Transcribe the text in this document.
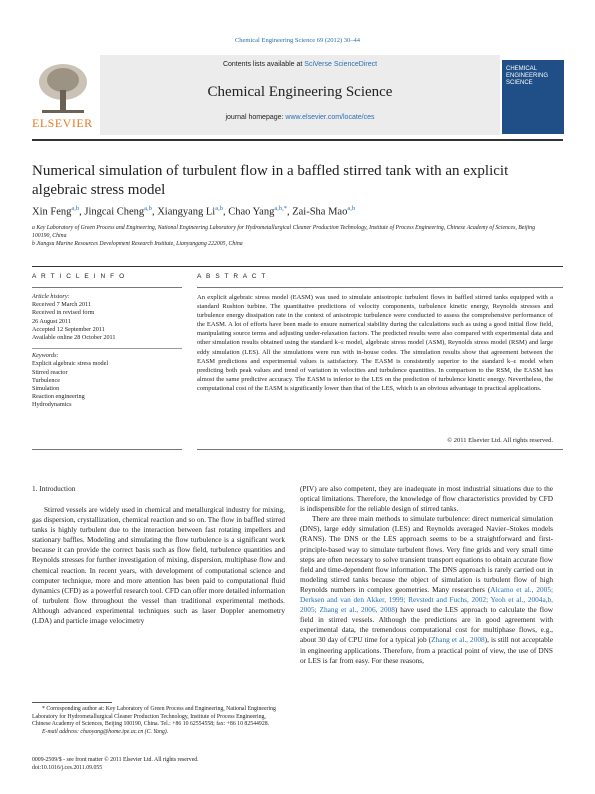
Chemical Engineering Science 69 (2012) 30–44
ELSEVIER
Contents lists available at SciVerse ScienceDirect
Chemical Engineering Science
journal homepage: www.elsevier.com/locate/ces
CHEMICAL ENGINEERING SCIENCE
Numerical simulation of turbulent flow in a baffled stirred tank with an explicit algebraic stress model
Xin Feng$^{a,b}$, Jingcai Cheng$^{a,b}$, Xiangyang Li$^{a,b}$, Chao Yang$^{a,b,*}$, Zai-Sha Mao$^{a,b}$
a Key Laboratory of Green Process and Engineering, National Engineering Laboratory for Hydrometallurgical Cleaner Production Technology, Institute of Process Engineering, Chinese Academy of Sciences, Beijing 100190, China
b Jiangsu Marine Resources Development Research Institute, Lianyungang 222005, China
A R T I C L E I N F O	A B S T R A C T
Article history:
Received 7 March 2011
Received in revised form
26 August 2011
Accepted 12 September 2011
Available online 28 October 2011
Keywords:
Explicit algebraic stress model
Stirred reactor
Turbulence
Simulation
Reaction engineering
Hydrodynamics
An explicit algebraic stress model (EASM) was used to simulate anisotropic turbulent flows in baffled stirred tanks equipped with a standard Rushton turbine. The quantitative predictions of velocity components, turbulence kinetic energy, Reynolds stresses and turbulence energy dissipation rate in the context of anisotropic turbulence were conducted to assess the comprehensive performance of the EASM. A lot of efforts have been made to ensure numerical stability during the calculations such as using a good initial flow field, manipulating source terms and adjusting under-relaxation factors. The predicted results were also compared with experimental data and other simulation results obtained using the standard k–ε model, algebraic stress model (ASM), Reynolds stress model (RSM) and large eddy simulation (LES). All the simulations were run with in-house codes. The simulation results show that agreement between the EASM predictions and experimental values is satisfactory. The EASM is consistently superior to the standard k–ε model when predicting both peak values and trend of variation in velocities and turbulence quantities. In comparison to the RSM, the EASM has almost the same predictive accuracy. The EASM is inferior to the LES on the prediction of turbulence kinetic energy. Nevertheless, the computational cost of the EASM is significantly lower than that of the LES, which is an obvious advantage in practical applications.
© 2011 Elsevier Ltd. All rights reserved.
1. Introduction

Stirred vessels are widely used in chemical and metallurgical industry for mixing, gas dispersion, crystallization, chemical reaction and so on. The flow in baffled stirred tanks is highly turbulent due to the interaction between fast rotating impellers and stationary baffles. Modeling and simulating the flow turbulence is a significant work because it can provide the correct basis such as flow field, turbulence quantities and Reynolds stresses for further investigation of mixing, dispersion, multiphase flow and chemical reaction. In recent years, with development of computational science and computer technique, more and more attention has been paid to computational fluid dynamics (CFD) as a powerful research tool. CFD can offer more detailed information of turbulent flow throughout the vessel than traditional experimental methods. Although advanced experimental techniques such as laser Doppler anemometry (LDA) and particle image velocimetry

(PIV) are also competent, they are inadequate in most industrial situations due to the optical limitations. Therefore, the knowledge of flow characteristics provided by CFD is indispensible for the reliable design of stirred tanks.

There are three main methods to simulate turbulence: direct numerical simulation (DNS), large eddy simulation (LES) and Reynolds averaged Navier–Stokes models (RANS). The DNS or the LES approach seems to be a straightforward and first-principle-based way to simulate turbulent flows. Very fine grids and very small time steps are often necessary to solve transient transport equations to obtain accurate flow field and time-dependent flow information. The DNS approach is rarely carried out in modeling stirred tanks because the object of simulation is turbulent flow of high Reynolds numbers in complex geometries. Many researchers (Alcamo et al., 2005; Derksen and van den Akker, 1999; Revstedt and Fuchs, 2002; Yeoh et al., 2004a,b, 2005; Zhang et al., 2006, 2008) have used the LES approach to calculate the flow field in stirred vessels. Although the predictions are in good agreement with experimental data, the tremendous computational cost for multiphase flows, e.g., about 30 day of CPU time for a typical job (Zhang et al., 2008), is still not acceptable in engineering applications. Therefore, from a practical point of view, the use of DNS or LES is far from easy. For these reasons,

* Corresponding author at: Key Laboratory of Green Process and Engineering, National Engineering Laboratory for Hydrometallurgical Cleaner Production Technology, Institute of Process Engineering, Chinese Academy of Sciences, Beijing 100190, China. Tel.: +86 10 62554558; fax: +86 10 82544928.
E-mail address: chaoyang@home.ipe.ac.cn (C. Yang).
0009-2509/$ - see front matter © 2011 Elsevier Ltd. All rights reserved.
doi:10.1016/j.ces.2011.09.055
